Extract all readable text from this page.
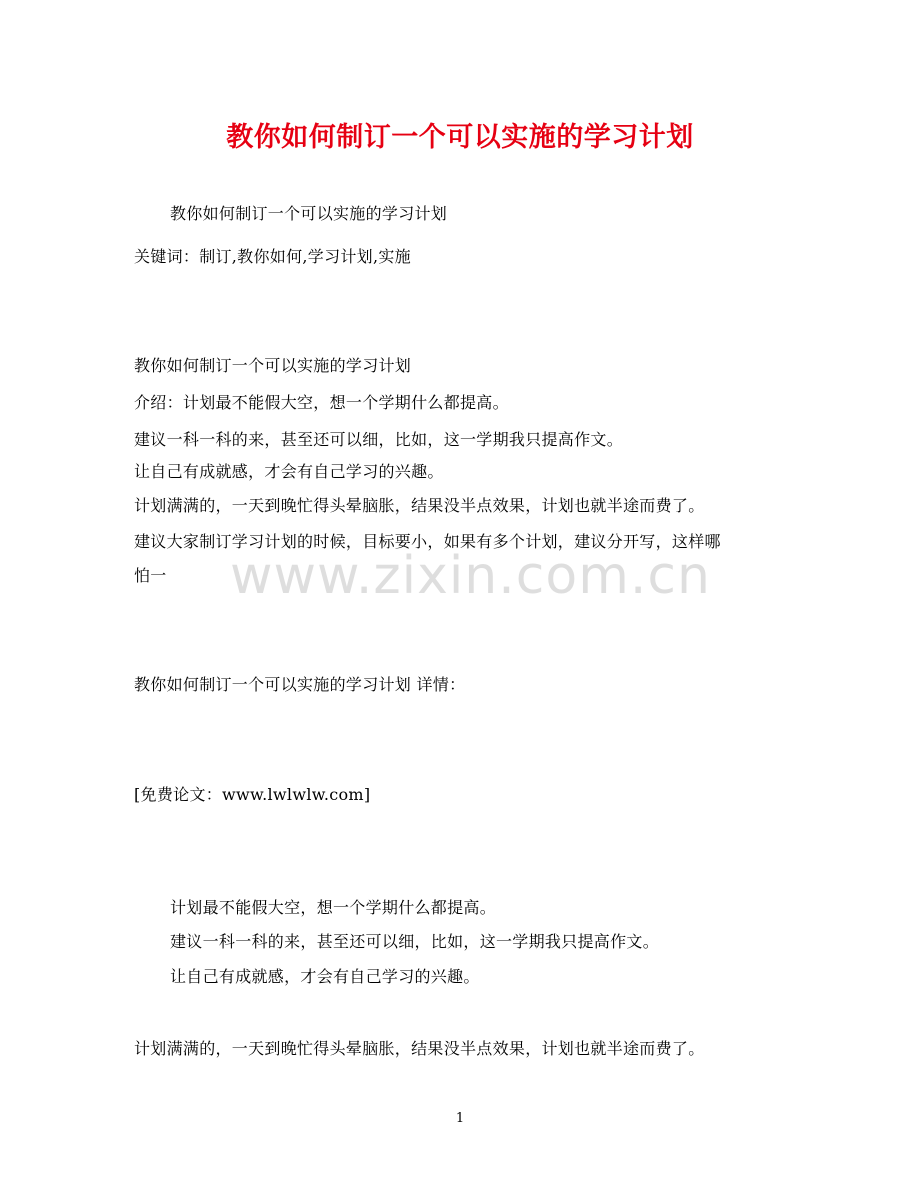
教你如何制订一个可以实施的学习计划
教你如何制订一个可以实施的学习计划
关键词：制订,教你如何,学习计划,实施
教你如何制订一个可以实施的学习计划
介绍：计划最不能假大空，想一个学期什么都提高。
建议一科一科的来，甚至还可以细，比如，这一学期我只提高作文。
让自己有成就感，才会有自己学习的兴趣。
计划满满的，一天到晚忙得头晕脑胀，结果没半点效果，计划也就半途而费了。
建议大家制订学习计划的时候，目标要小，如果有多个计划，建议分开写，这样哪
怕一 www.zixin.com.cn
教你如何制订一个可以实施的学习计划 详情：
[免费论文：www.lwlwlw.com]
计划最不能假大空，想一个学期什么都提高。
建议一科一科的来，甚至还可以细，比如，这一学期我只提高作文。
让自己有成就感，才会有自己学习的兴趣。
计划满满的，一天到晚忙得头晕脑胀，结果没半点效果，计划也就半途而费了。
1
